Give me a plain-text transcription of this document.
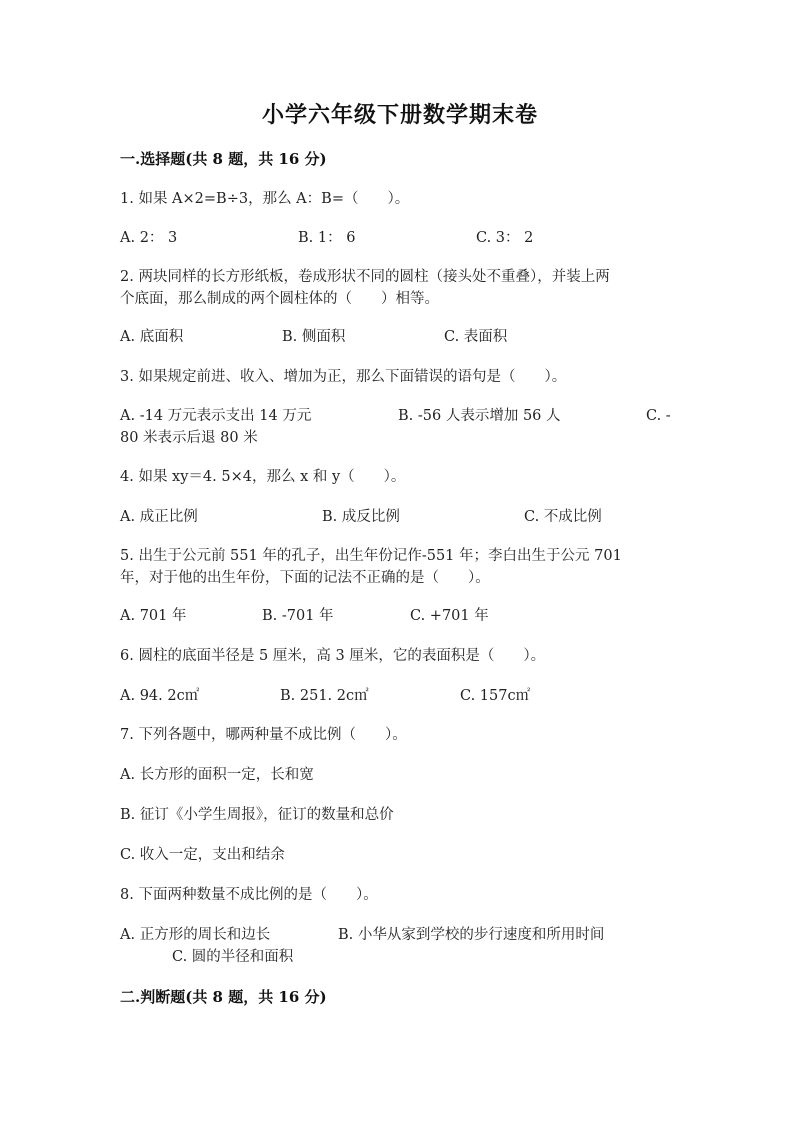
小学六年级下册数学期末卷
一.选择题(共 8 题，共 16 分)
1. 如果 A×2=B÷3，那么 A：B=（　　）。
A. 2： 3	B. 1： 6	C. 3： 2
2. 两块同样的长方形纸板，卷成形状不同的圆柱（接头处不重叠），并装上两
个底面，那么制成的两个圆柱体的（　　）相等。
A. 底面积	B. 侧面积	C. 表面积
3. 如果规定前进、收入、增加为正，那么下面错误的语句是（　　）。
A. -14 万元表示支出 14 万元	B. -56 人表示增加 56 人	C. -
80 米表示后退 80 米
4. 如果 xy＝4. 5×4，那么 x 和 y（　　）。
A. 成正比例	B. 成反比例	C. 不成比例
5. 出生于公元前 551 年的孔子，出生年份记作-551 年；李白出生于公元 701
年，对于他的出生年份，下面的记法不正确的是（　　）。
A. 701 年	B. -701 年	C. +701 年
6. 圆柱的底面半径是 5 厘米，高 3 厘米，它的表面积是（　　）。
A. 94. 2c㎡	B. 251. 2c㎡	C. 157c㎡
7. 下列各题中，哪两种量不成比例（　　）。
A. 长方形的面积一定，长和宽
B. 征订《小学生周报》，征订的数量和总价
C. 收入一定，支出和结余
8. 下面两种数量不成比例的是（　　）。
A. 正方形的周长和边长	B. 小华从家到学校的步行速度和所用时间
C. 圆的半径和面积
二.判断题(共 8 题，共 16 分)
